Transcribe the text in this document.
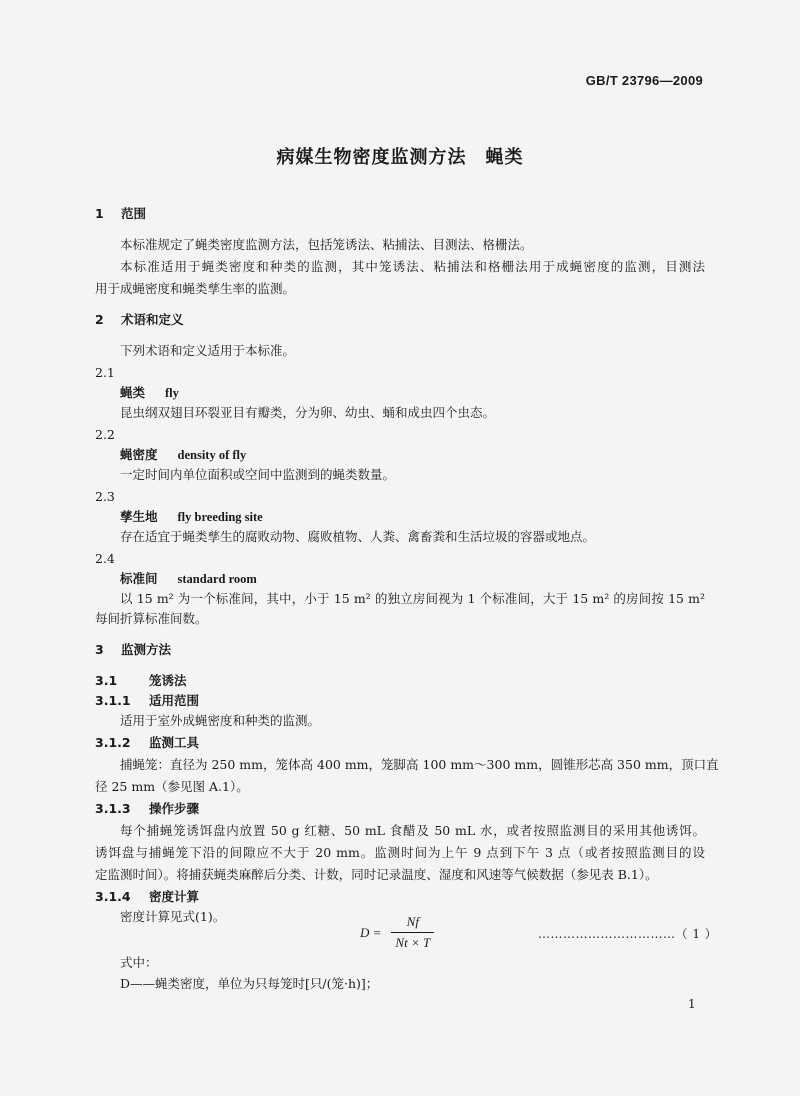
GB/T 23796—2009
病媒生物密度监测方法　蝇类
1 范围
本标准规定了蝇类密度监测方法，包括笼诱法、粘捕法、目测法、格栅法。
本标准适用于蝇类密度和种类的监测，其中笼诱法、粘捕法和格栅法用于成蝇密度的监测，目测法
用于成蝇密度和蝇类孳生率的监测。
2 术语和定义
下列术语和定义适用于本标准。
2.1
蝇类 fly
昆虫纲双翅目环裂亚目有瓣类，分为卵、幼虫、蛹和成虫四个虫态。
2.2
蝇密度 density of fly
一定时间内单位面积或空间中监测到的蝇类数量。
2.3
孳生地 fly breeding site
存在适宜于蝇类孳生的腐败动物、腐败植物、人粪、禽畜粪和生活垃圾的容器或地点。
2.4
标准间 standard room
以 15 m² 为一个标准间，其中，小于 15 m² 的独立房间视为 1 个标准间，大于 15 m² 的房间按 15 m²
每间折算标准间数。
3 监测方法
3.1	笼诱法
3.1.1 适用范围
适用于室外成蝇密度和种类的监测。
3.1.2 监测工具
捕蝇笼：直径为 250 mm，笼体高 400 mm，笼脚高 100 mm～300 mm，圆锥形芯高 350 mm，顶口直
径 25 mm（参见图 A.1）。
3.1.3 操作步骤
每个捕蝇笼诱饵盘内放置 50 g 红糖、50 mL 食醋及 50 mL 水，或者按照监测目的采用其他诱饵。
诱饵盘与捕蝇笼下沿的间隙应不大于 20 mm。监测时间为上午 9 点到下午 3 点（或者按照监测目的设
定监测时间）。将捕获蝇类麻醉后分类、计数，同时记录温度、湿度和风速等气候数据（参见表 B.1）。
3.1.4 密度计算
密度计算见式(1)。
$D = \frac{Nf}{Nt \times T}$	……………………………（ 1 ）
式中：
D——蝇类密度，单位为只每笼时[只/(笼·h)]；
1
